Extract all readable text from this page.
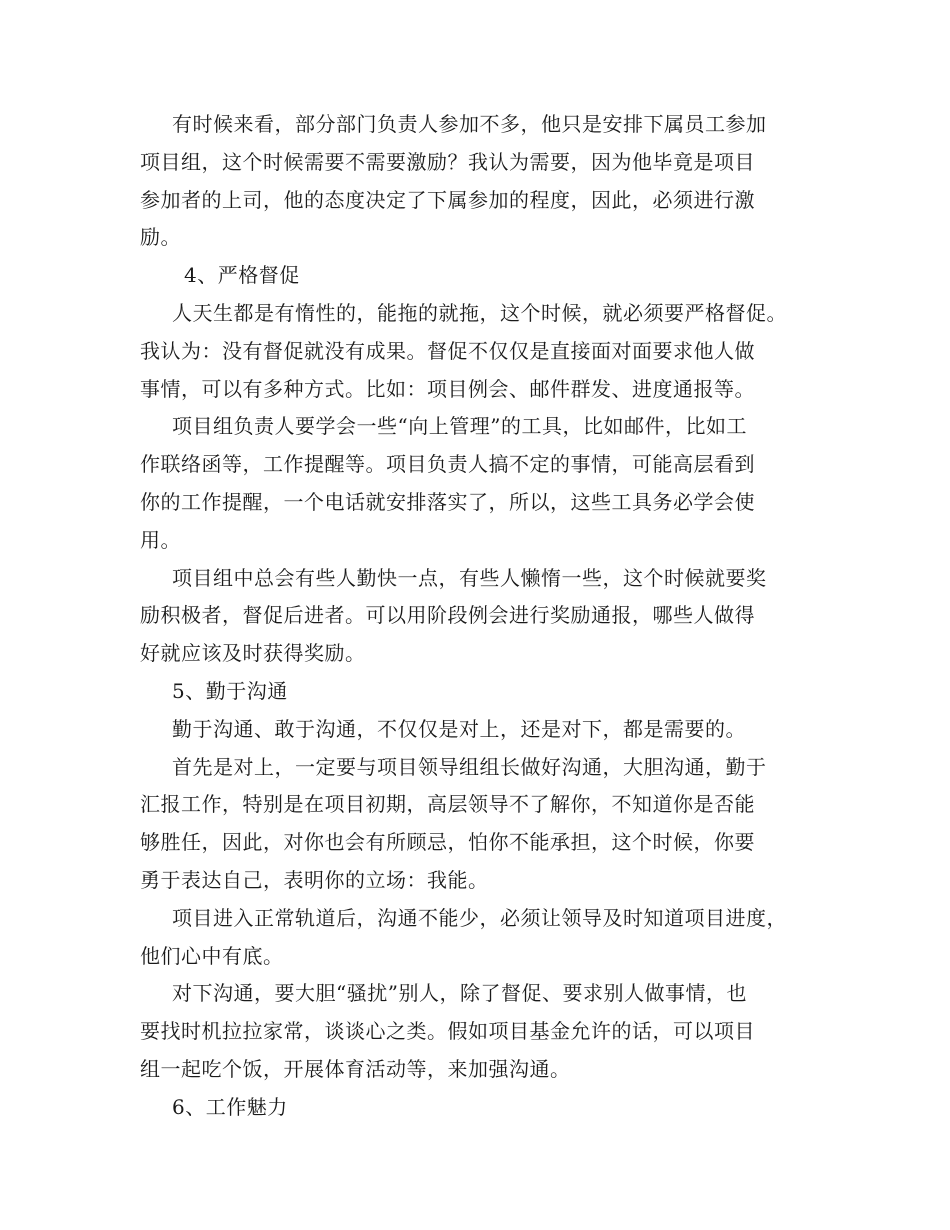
有时候来看，部分部门负责人参加不多，他只是安排下属员工参加
项目组，这个时候需要不需要激励？我认为需要，因为他毕竟是项目
参加者的上司，他的态度决定了下属参加的程度，因此，必须进行激
励。
4、严格督促
人天生都是有惰性的，能拖的就拖，这个时候，就必须要严格督促。
我认为：没有督促就没有成果。督促不仅仅是直接面对面要求他人做
事情，可以有多种方式。比如：项目例会、邮件群发、进度通报等。
项目组负责人要学会一些“向上管理”的工具，比如邮件，比如工
作联络函等，工作提醒等。项目负责人搞不定的事情，可能高层看到
你的工作提醒，一个电话就安排落实了，所以，这些工具务必学会使
用。
项目组中总会有些人勤快一点，有些人懒惰一些，这个时候就要奖
励积极者，督促后进者。可以用阶段例会进行奖励通报，哪些人做得
好就应该及时获得奖励。
5、勤于沟通
勤于沟通、敢于沟通，不仅仅是对上，还是对下，都是需要的。
首先是对上，一定要与项目领导组组长做好沟通，大胆沟通，勤于
汇报工作，特别是在项目初期，高层领导不了解你，不知道你是否能
够胜任，因此，对你也会有所顾忌，怕你不能承担，这个时候，你要
勇于表达自己，表明你的立场：我能。
项目进入正常轨道后，沟通不能少，必须让领导及时知道项目进度，
他们心中有底。
对下沟通，要大胆“骚扰”别人，除了督促、要求别人做事情，也
要找时机拉拉家常，谈谈心之类。假如项目基金允许的话，可以项目
组一起吃个饭，开展体育活动等，来加强沟通。
6、工作魅力
